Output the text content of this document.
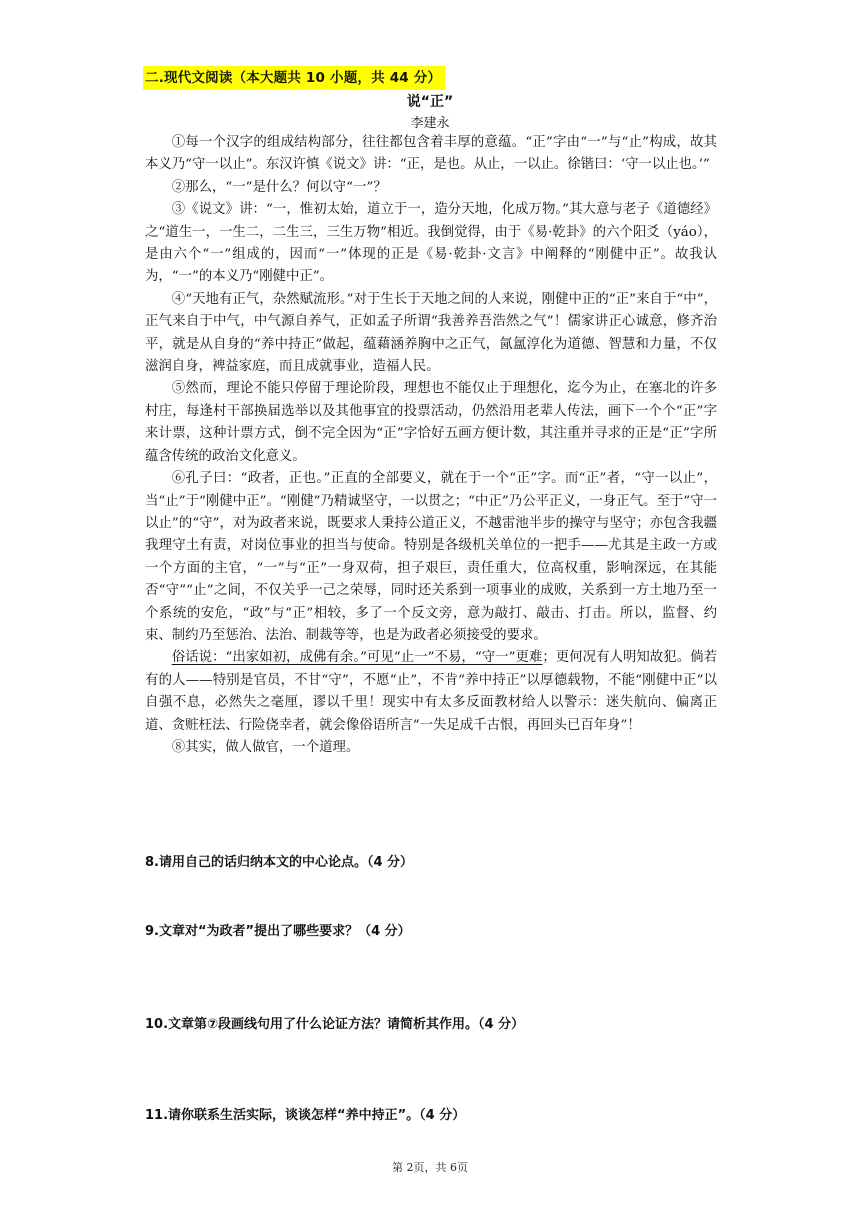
二.现代文阅读（本大题共 10 小题，共 44 分）
说“正”
李建永

①每一个汉字的组成结构部分，往往都包含着丰厚的意蕴。“正”字由“一”与“止”构成，故其本义乃“守一以止”。东汉许慎《说文》讲：“正，是也。从止，一以止。徐锴曰：‘守一以止也。’”

②那么，“一”是什么？何以守“一”？

③《说文》讲：“一，惟初太始，道立于一，造分天地，化成万物。”其大意与老子《道德经》之“道生一，一生二，二生三，三生万物”相近。我倒觉得，由于《易·乾卦》的六个阳爻（yáo），是由六个“一”组成的，因而“一”体现的正是《易·乾卦·文言》中阐释的“刚健中正”。故我认为，“一”的本义乃“刚健中正”。

④“天地有正气，杂然赋流形。”对于生长于天地之间的人来说，刚健中正的“正”来自于“中”，正气来自于中气，中气源自养气，正如孟子所谓“我善养吾浩然之气”！儒家讲正心诚意，修齐治平，就是从自身的“养中持正”做起，蕴藉涵养胸中之正气，氤氲淳化为道德、智慧和力量，不仅滋润自身，裨益家庭，而且成就事业，造福人民。

⑤然而，理论不能只停留于理论阶段，理想也不能仅止于理想化，迄今为止，在塞北的许多村庄，每逢村干部换届选举以及其他事宜的投票活动，仍然沿用老辈人传法，画下一个个“正”字来计票，这种计票方式，倒不完全因为“正”字恰好五画方便计数，其注重并寻求的正是“正”字所蕴含传统的政治文化意义。

⑥孔子曰：“政者，正也。”正直的全部要义，就在于一个“正”字。而“正”者，“守一以止”，当“止”于“刚健中正”。“刚健”乃精诚坚守，一以贯之；“中正”乃公平正义，一身正气。至于“守一以止”的“守”，对为政者来说，既要求人秉持公道正义，不越雷池半步的操守与坚守；亦包含我疆我理守土有责，对岗位事业的担当与使命。特别是各级机关单位的一把手——尤其是主政一方或一个方面的主官，“一”与“正”一身双荷，担子艰巨，责任重大，位高权重，影响深远，在其能否“守”“止”之间，不仅关乎一己之荣辱，同时还关系到一项事业的成败，关系到一方土地乃至一个系统的安危，“政”与“正”相较，多了一个反文旁，意为敲打、敲击、打击。所以，监督、约束、制约乃至惩治、法治、制裁等等，也是为政者必须接受的要求。

俗话说：“出家如初，成佛有余。”可见“止一”不易，“守一”更难；更何况有人明知故犯。倘若有的人——特别是官员，不甘“守”，不愿“止”，不肯“养中持正”以厚德载物，不能“刚健中正”以自强不息，必然失之毫厘，谬以千里！现实中有太多反面教材给人以警示：迷失航向、偏离正道、贪赃枉法、行险侥幸者，就会像俗语所言“一失足成千古恨，再回头已百年身”！

⑧其实，做人做官，一个道理。

8.请用自己的话归纳本文的中心论点。（4 分）
9.文章对“为政者”提出了哪些要求？（4 分）
10.文章第⑦段画线句用了什么论证方法？请简析其作用。（4 分）
11.请你联系生活实际，谈谈怎样“养中持正”。（4 分）
第 2页，共 6页
